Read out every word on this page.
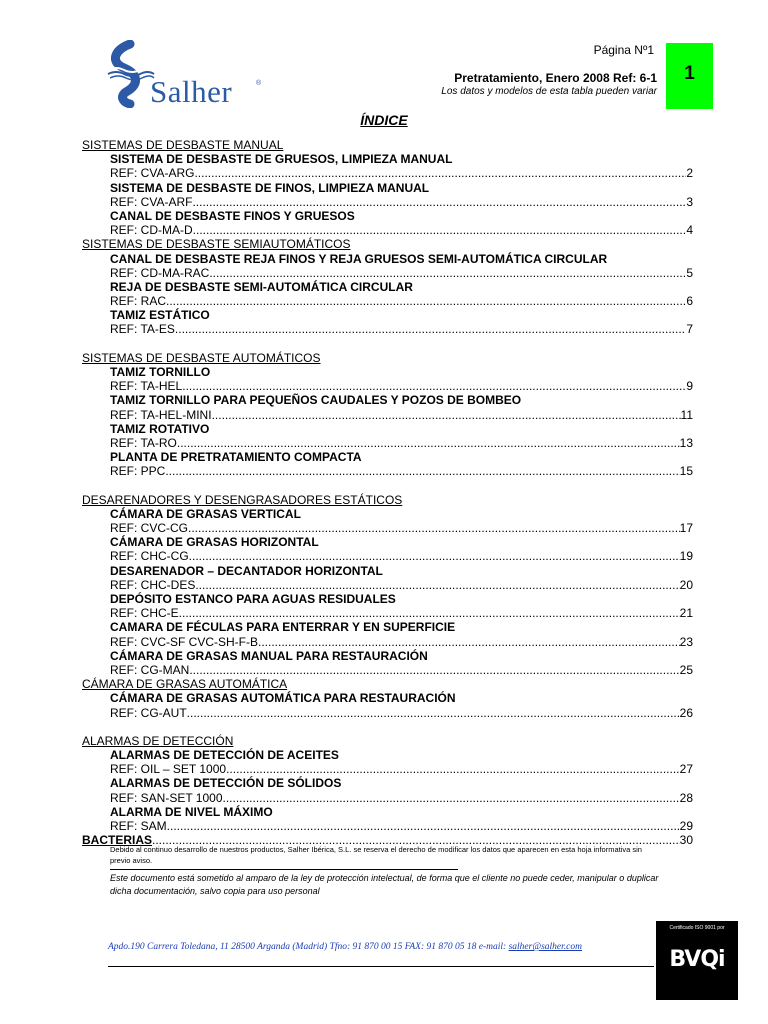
Salher	®
Página Nº1
1
Pretratamiento, Enero 2008 Ref: 6-1
Los datos y modelos de esta tabla pueden variar
ÍNDICE
SISTEMAS DE DESBASTE MANUAL
SISTEMA DE DESBASTE DE GRUESOS, LIMPIEZA MANUAL
REF: CVA-ARG .....	2
SISTEMA DE DESBASTE DE FINOS, LIMPIEZA MANUAL
REF: CVA-ARF .....	3
CANAL DE DESBASTE FINOS Y GRUESOS
REF: CD-MA-D .....	4
SISTEMAS DE DESBASTE SEMIAUTOMÁTICOS
CANAL DE DESBASTE REJA FINOS Y REJA GRUESOS SEMI-AUTOMÁTICA CIRCULAR
REF: CD-MA-RAC .....	5
REJA DE DESBASTE SEMI-AUTOMÁTICA CIRCULAR
REF: RAC .....	6
TAMIZ ESTÁTICO
REF: TA-ES .....	7
SISTEMAS DE DESBASTE AUTOMÁTICOS
TAMIZ TORNILLO
REF: TA-HEL .....	9
TAMIZ TORNILLO PARA PEQUEÑOS CAUDALES Y POZOS DE BOMBEO
REF: TA-HEL-MINI .....	11
TAMIZ ROTATIVO
REF: TA-RO .....	13
PLANTA DE PRETRATAMIENTO COMPACTA
REF: PPC .....	15
DESARENADORES Y DESENGRASADORES ESTÁTICOS
CÁMARA DE GRASAS VERTICAL
REF: CVC-CG .....	17
CÁMARA DE GRASAS HORIZONTAL
REF: CHC-CG .....	19
DESARENADOR – DECANTADOR HORIZONTAL
REF: CHC-DES .....	20
DEPÓSITO ESTANCO PARA AGUAS RESIDUALES
REF: CHC-E .....	21
CAMARA DE FÉCULAS PARA ENTERRAR Y EN SUPERFICIE
REF: CVC-SF CVC-SH-F-B .....	23
CÁMARA DE GRASAS MANUAL PARA RESTAURACIÓN
REF: CG-MAN .....	25
CÁMARA DE GRASAS AUTOMÁTICA
CÁMARA DE GRASAS AUTOMÁTICA PARA RESTAURACIÓN
REF: CG-AUT .....	26
ALARMAS DE DETECCIÓN
ALARMAS DE DETECCIÓN DE ACEITES
REF: OIL – SET 1000 .....	27
ALARMAS DE DETECCIÓN DE SÓLIDOS
REF: SAN-SET 1000 .....	28
ALARMA DE NIVEL MÁXIMO
REF: SAM .....	29
BACTERIAS .....	30
Debido al continuo desarrollo de nuestros productos, Salher Ibérica, S.L. se reserva el derecho de modificar los datos que aparecen en esta hoja informativa sin previo aviso.
Este documento está sometido al amparo de la ley de protección intelectual, de forma que el cliente no puede ceder, manipular o duplicar dicha documentación, salvo copia para uso personal
Apdo.190 Carrera Toledana, 11 28500 Arganda (Madrid) Tfno: 91 870 00 15 FAX: 91 870 05 18 e-mail: salher@salher.com
Certificado ISO 9001 por
BVQi
